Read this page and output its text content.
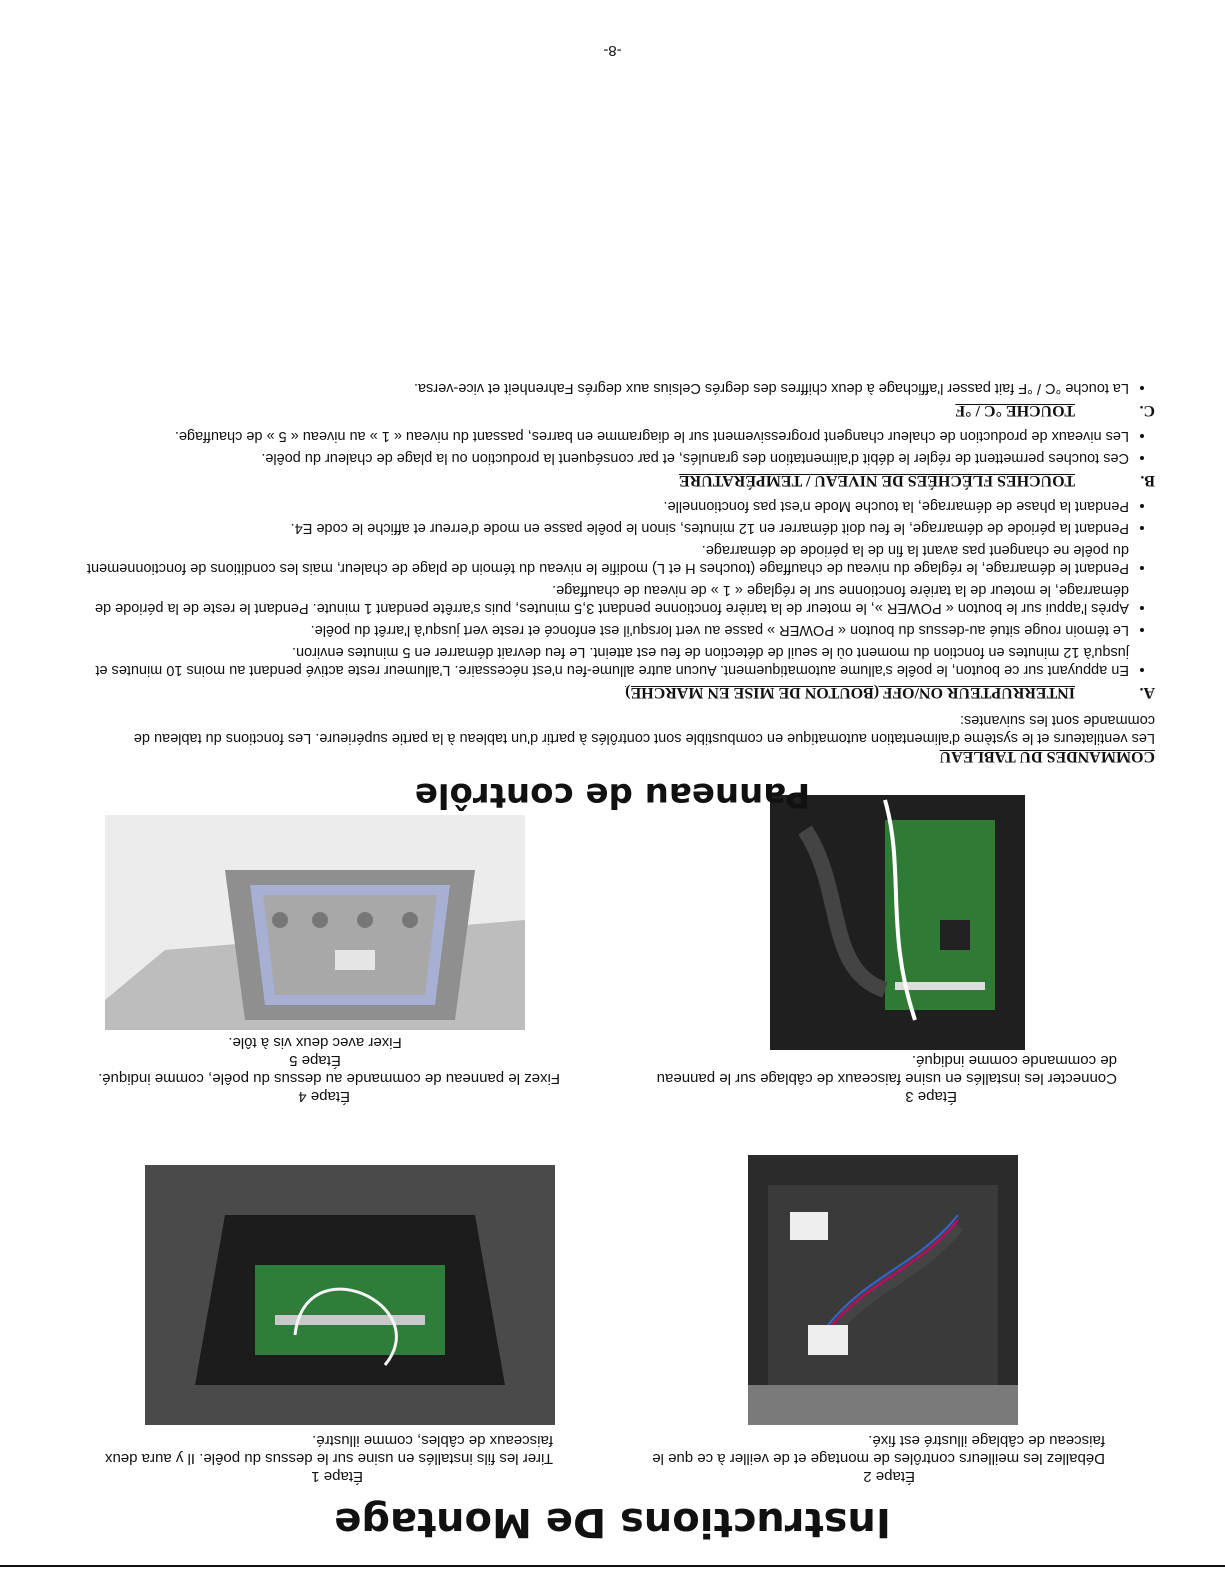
Instructions De Montage
Étape 1
Tirer les fils installés en usine sur le dessus du poêle. Il y aura deux faisceaux de câbles, comme illustré.
Étape 2
Déballez les meilleurs contrôles de montage et de veiller à ce que le faisceau de câblage illustré est fixé.
Étape 3
Connecter les installés en usine faisceaux de câblage sur le panneau de commande comme indiqué.
Étape 4
Fixez le panneau de commande au dessus du poêle, comme indiqué.
Étape 5
Fixer avec deux vis à tôle.
Panneau de contrôle
COMMANDES DU TABLEAU

Les ventilateurs et le système d'alimentation automatique en combustible sont contrôlés à partir d'un tableau à la partie supérieure. Les fonctions du tableau de commande sont les suivantes:

A.INTERRUPTEUR ON/OFF (BOUTON DE MISE EN MARCHE)
• En appuyant sur ce bouton, le poêle s'allume automatiquement. Aucun autre allume-feu n'est nécessaire. L'allumeur reste activé pendant au moins 10 minutes et jusqu'à 12 minutes en fonction du moment où le seuil de détection de feu est atteint. Le feu devrait démarrer en 5 minutes environ.
• Le témoin rouge situé au-dessus du bouton « POWER » passe au vert lorsqu'il est enfoncé et reste vert jusqu'à l'arrêt du poêle.
• Après l'appui sur le bouton « POWER », le moteur de la tarière fonctionne pendant 3,5 minutes, puis s'arrête pendant 1 minute. Pendant le reste de la période de démarrage, le moteur de la tarière fonctionne sur le réglage « 1 » de niveau de chauffage.
• Pendant le démarrage, le réglage du niveau de chauffage (touches H et L) modifie le niveau du témoin de plage de chaleur, mais les conditions de fonctionnement du poêle ne changent pas avant la fin de la période de démarrage.
• Pendant la période de démarrage, le feu doit démarrer en 12 minutes, sinon le poêle passe en mode d'erreur et affiche le code E4.
• Pendant la phase de démarrage, la touche Mode n'est pas fonctionnelle.
B.TOUCHES FLÉCHÉES DE NIVEAU / TEMPÉRATURE
• Ces touches permettent de régler le débit d'alimentation des granulés, et par conséquent la production ou la plage de chaleur du poêle.
• Les niveaux de production de chaleur changent progressivement sur le diagramme en barres, passant du niveau « 1 » au niveau « 5 » de chauffage.
C.TOUCHE °C / °F
• La touche °C / °F fait passer l'affichage à deux chiffres des degrés Celsius aux degrés Fahrenheit et vice-versa.
-8-
